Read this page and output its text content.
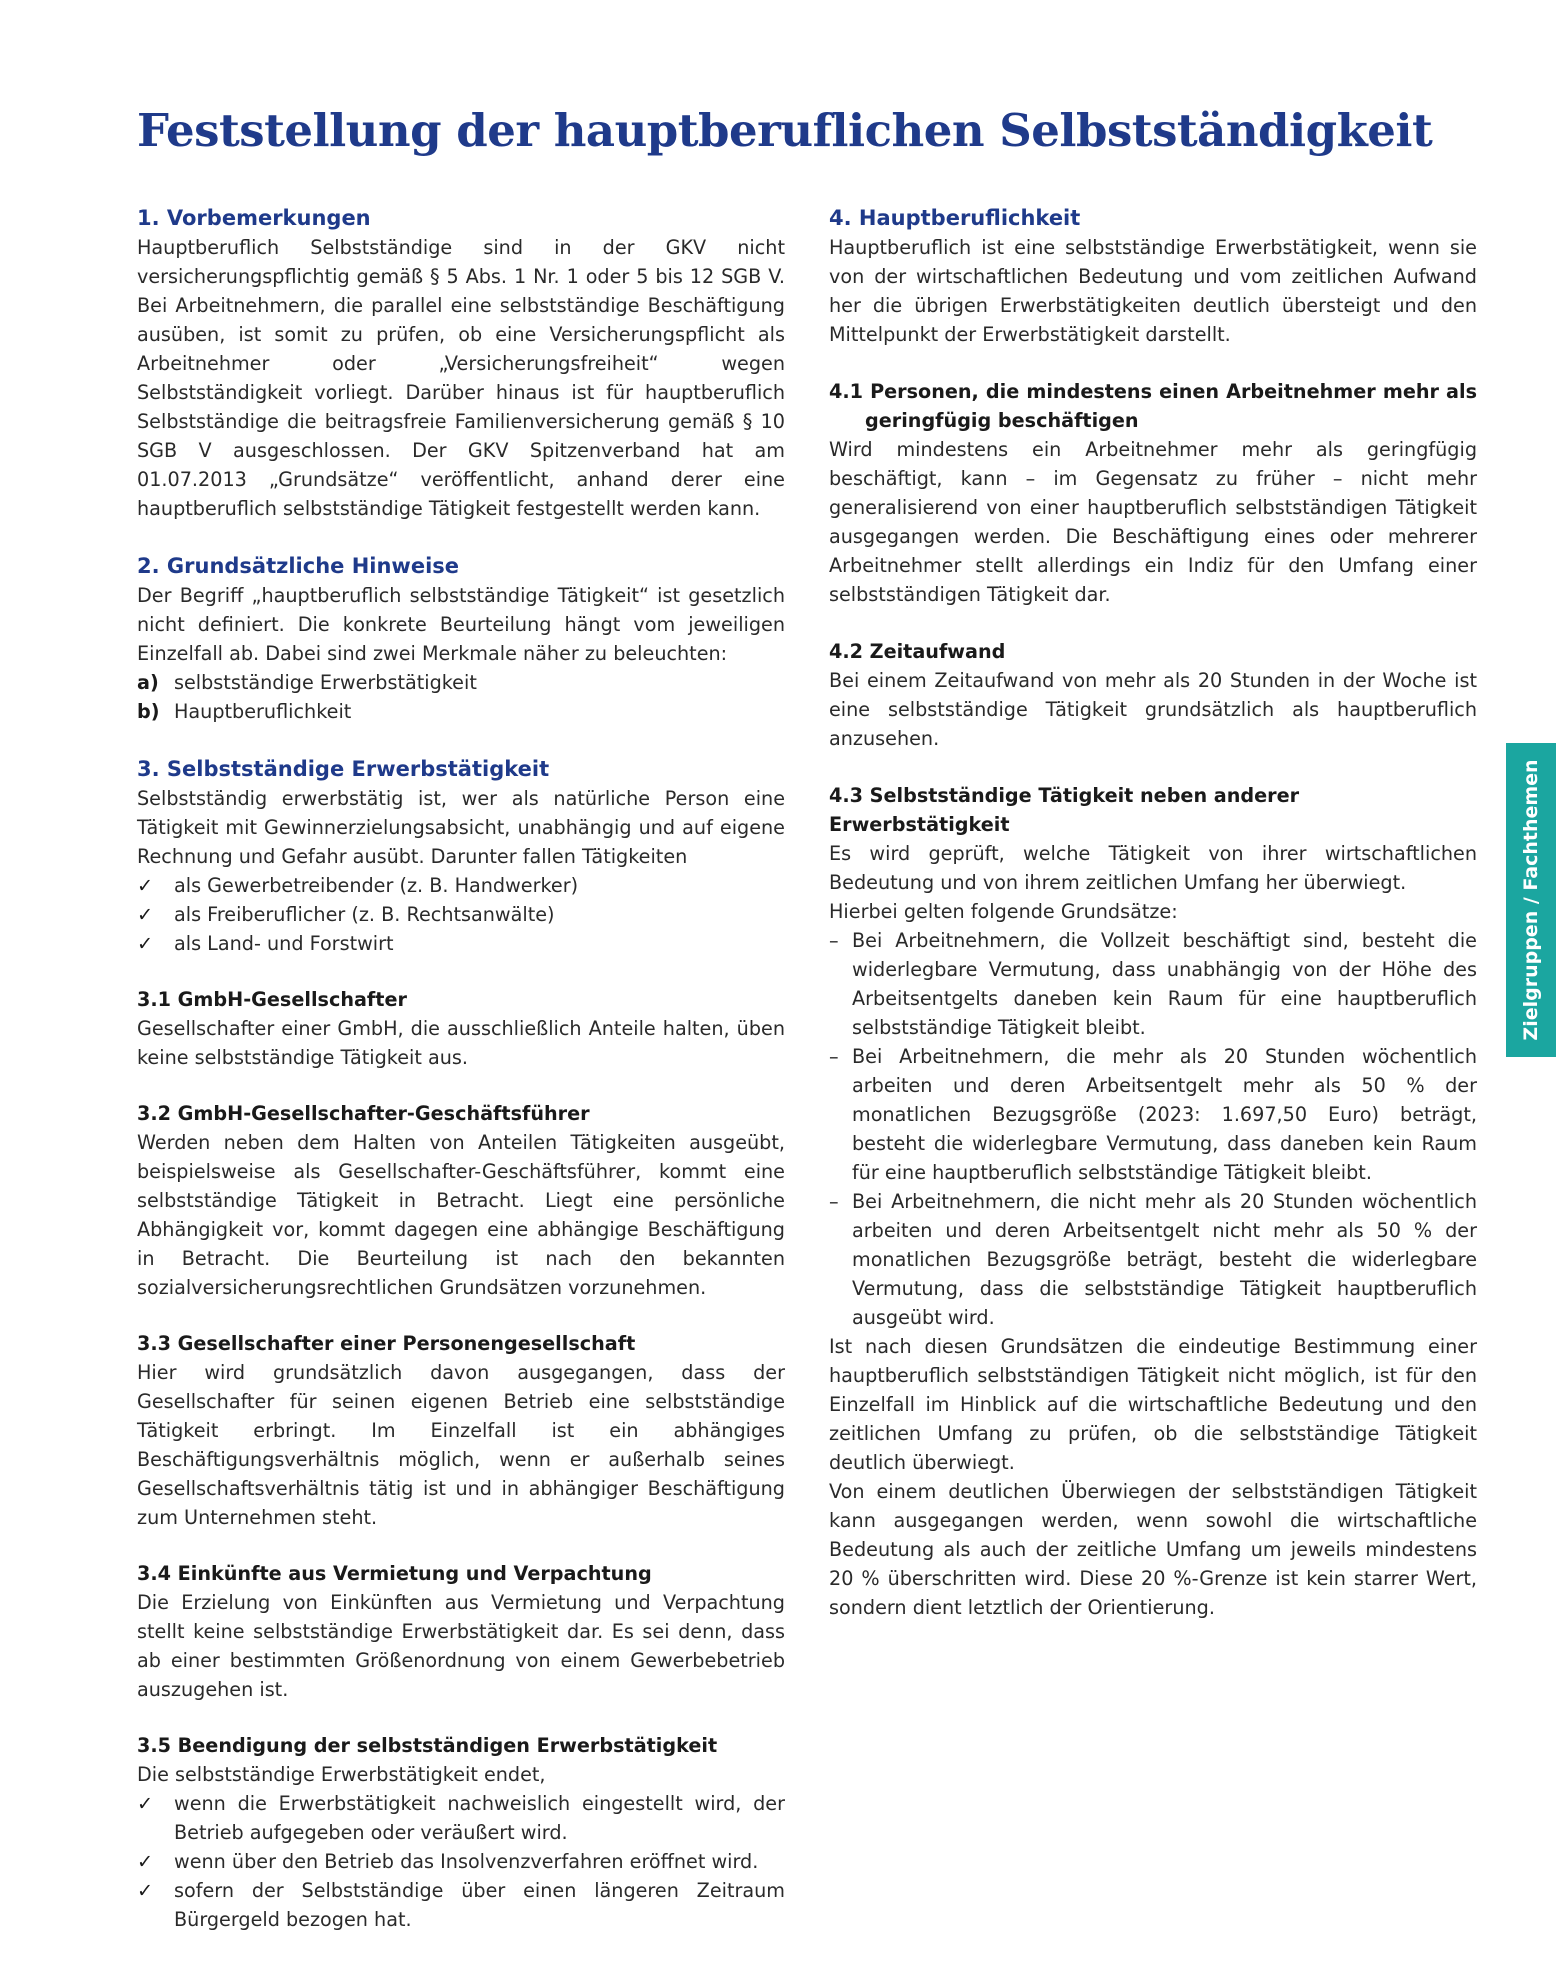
Feststellung der hauptberuflichen Selbstständigkeit
1. Vorbemerkungen

Hauptberuflich Selbstständige sind in der GKV nicht versicherungspflichtig gemäß § 5 Abs. 1 Nr. 1 oder 5 bis 12 SGB V. Bei Arbeitnehmern, die parallel eine selbstständige Beschäftigung ausüben, ist somit zu prüfen, ob eine Versicherungspflicht als Arbeitnehmer oder „Versicherungsfreiheit“ wegen Selbstständigkeit vorliegt. Darüber hinaus ist für hauptberuflich Selbstständige die beitragsfreie Familienversicherung gemäß § 10 SGB V ausgeschlossen. Der GKV Spitzenverband hat am 01.07.2013 „Grundsätze“ veröffentlicht, anhand derer eine hauptberuflich selbstständige Tätigkeit festgestellt werden kann.

2. Grundsätzliche Hinweise

Der Begriff „hauptberuflich selbstständige Tätigkeit“ ist gesetzlich nicht definiert. Die konkrete Beurteilung hängt vom jeweiligen Einzelfall ab. Dabei sind zwei Merkmale näher zu beleuchten:

a) selbstständige Erwerbstätigkeit
b) Hauptberuflichkeit
3. Selbstständige Erwerbstätigkeit

Selbstständig erwerbstätig ist, wer als natürliche Person eine Tätigkeit mit Gewinnerzielungsabsicht, unabhängig und auf eigene Rechnung und Gefahr ausübt. Darunter fallen Tätigkeiten

✓ als Gewerbetreibender (z. B. Handwerker)
✓ als Freiberuflicher (z. B. Rechtsanwälte)
✓ als Land- und Forstwirt
3.1 GmbH-Gesellschafter

Gesellschafter einer GmbH, die ausschließlich Anteile halten, üben keine selbstständige Tätigkeit aus.

3.2 GmbH-Gesellschafter-Geschäftsführer

Werden neben dem Halten von Anteilen Tätigkeiten ausgeübt, beispielsweise als Gesellschafter-Geschäftsführer, kommt eine selbstständige Tätigkeit in Betracht. Liegt eine persönliche Abhängigkeit vor, kommt dagegen eine abhängige Beschäftigung in Betracht. Die Beurteilung ist nach den bekannten sozialversicherungsrechtlichen Grundsätzen vorzunehmen.

3.3 Gesellschafter einer Personengesellschaft

Hier wird grundsätzlich davon ausgegangen, dass der Gesellschafter für seinen eigenen Betrieb eine selbstständige Tätigkeit erbringt. Im Einzelfall ist ein abhängiges Beschäftigungsverhältnis möglich, wenn er außerhalb seines Gesellschaftsverhältnis tätig ist und in abhängiger Beschäftigung zum Unternehmen steht.

3.4 Einkünfte aus Vermietung und Verpachtung

Die Erzielung von Einkünften aus Vermietung und Verpachtung stellt keine selbstständige Erwerbstätigkeit dar. Es sei denn, dass ab einer bestimmten Größenordnung von einem Gewerbebetrieb auszugehen ist.

3.5 Beendigung der selbstständigen Erwerbstätigkeit

Die selbstständige Erwerbstätigkeit endet,

✓ wenn die Erwerbstätigkeit nachweislich eingestellt wird, der Betrieb aufgegeben oder veräußert wird.
✓ wenn über den Betrieb das Insolvenzverfahren eröffnet wird.
✓ sofern der Selbstständige über einen längeren Zeitraum Bürgergeld bezogen hat.
4. Hauptberuflichkeit

Hauptberuflich ist eine selbstständige Erwerbstätigkeit, wenn sie von der wirtschaftlichen Bedeutung und vom zeitlichen Aufwand her die übrigen Erwerbstätigkeiten deutlich übersteigt und den Mittelpunkt der Erwerbstätigkeit darstellt.

4.1 Personen, die mindestens einen Arbeitnehmer mehr als geringfügig beschäftigen

Wird mindestens ein Arbeitnehmer mehr als geringfügig beschäftigt, kann – im Gegensatz zu früher – nicht mehr generalisierend von einer hauptberuflich selbstständigen Tätigkeit ausgegangen werden. Die Beschäftigung eines oder mehrerer Arbeitnehmer stellt allerdings ein Indiz für den Umfang einer selbstständigen Tätigkeit dar.

4.2 Zeitaufwand

Bei einem Zeitaufwand von mehr als 20 Stunden in der Woche ist eine selbstständige Tätigkeit grundsätzlich als hauptberuflich anzusehen.

4.3 Selbstständige Tätigkeit neben anderer Erwerbstätigkeit

Es wird geprüft, welche Tätigkeit von ihrer wirtschaftlichen Bedeutung und von ihrem zeitlichen Umfang her überwiegt.

Hierbei gelten folgende Grundsätze:

– Bei Arbeitnehmern, die Vollzeit beschäftigt sind, besteht die widerlegbare Vermutung, dass unabhängig von der Höhe des Arbeitsentgelts daneben kein Raum für eine hauptberuflich selbstständige Tätigkeit bleibt.
– Bei Arbeitnehmern, die mehr als 20 Stunden wöchentlich arbeiten und deren Arbeitsentgelt mehr als 50 % der monatlichen Bezugsgröße (2023: 1.697,50 Euro) beträgt, besteht die widerlegbare Vermutung, dass daneben kein Raum für eine hauptberuflich selbstständige Tätigkeit bleibt.
– Bei Arbeitnehmern, die nicht mehr als 20 Stunden wöchentlich arbeiten und deren Arbeitsentgelt nicht mehr als 50 % der monatlichen Bezugsgröße beträgt, besteht die widerlegbare Vermutung, dass die selbstständige Tätigkeit hauptberuflich ausgeübt wird.

Ist nach diesen Grundsätzen die eindeutige Bestimmung einer hauptberuflich selbstständigen Tätigkeit nicht möglich, ist für den Einzelfall im Hinblick auf die wirtschaftliche Bedeutung und den zeitlichen Umfang zu prüfen, ob die selbstständige Tätigkeit deutlich überwiegt.

Von einem deutlichen Überwiegen der selbstständigen Tätigkeit kann ausgegangen werden, wenn sowohl die wirtschaftliche Bedeutung als auch der zeitliche Umfang um jeweils mindestens 20 % überschritten wird. Diese 20 %-Grenze ist kein starrer Wert, sondern dient letztlich der Orientierung.

Zielgruppen / Fachthemen
